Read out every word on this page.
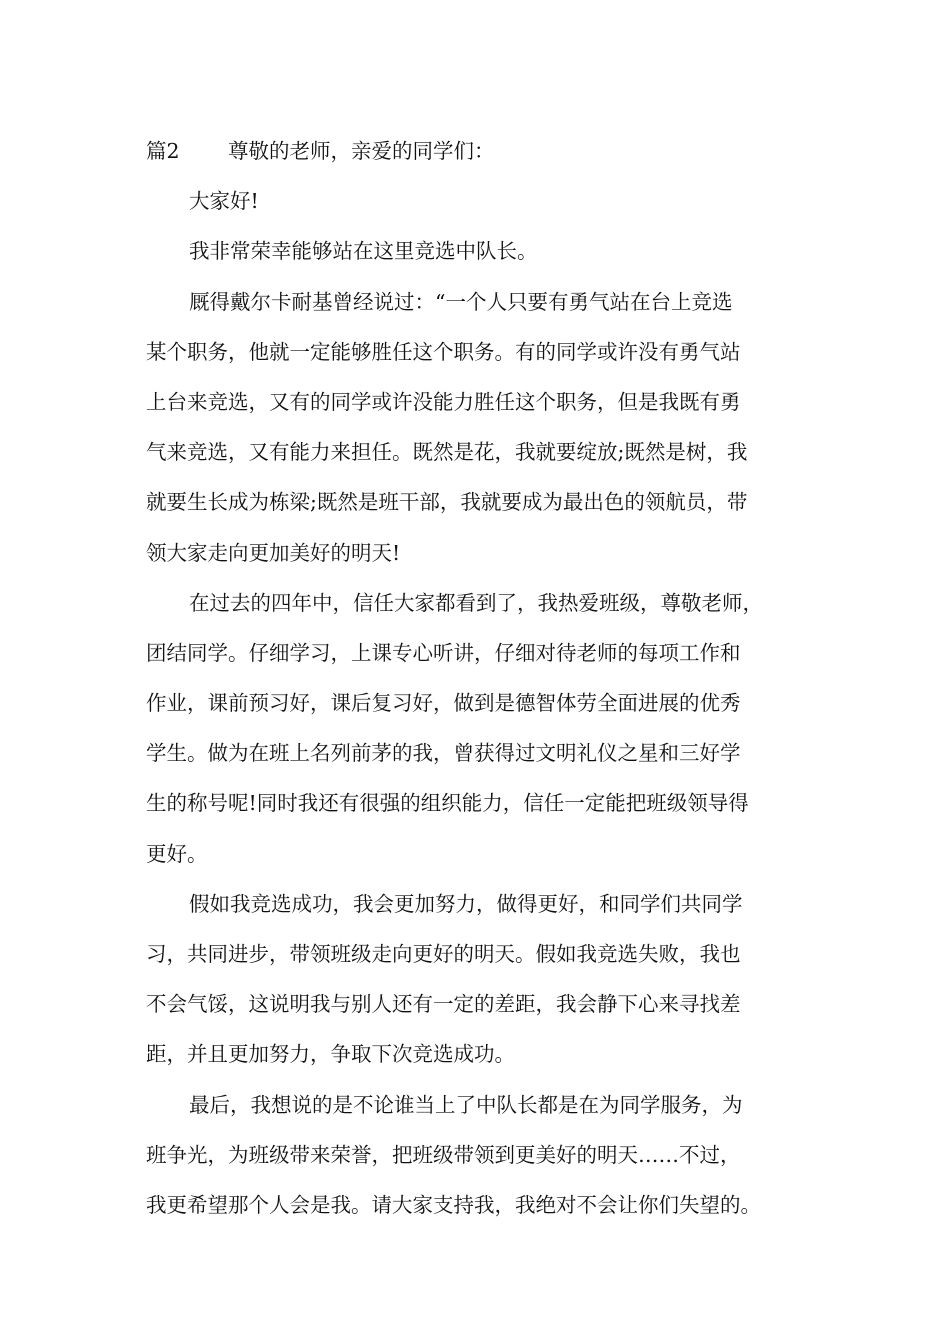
篇2 尊敬的老师，亲爱的同学们：
大家好!
我非常荣幸能够站在这里竞选中队长。
厩得戴尔卡耐基曾经说过：“一个人只要有勇气站在台上竞选
某个职务，他就一定能够胜任这个职务。有的同学或许没有勇气站
上台来竞选，又有的同学或许没能力胜任这个职务，但是我既有勇
气来竞选，又有能力来担任。既然是花，我就要绽放;既然是树，我
就要生长成为栋梁;既然是班干部，我就要成为最出色的领航员，带
领大家走向更加美好的明天!
在过去的四年中，信任大家都看到了，我热爱班级，尊敬老师，
团结同学。仔细学习，上课专心听讲，仔细对待老师的每项工作和
作业，课前预习好，课后复习好，做到是德智体劳全面进展的优秀
学生。做为在班上名列前茅的我，曾获得过文明礼仪之星和三好学
生的称号呢!同时我还有很强的组织能力，信任一定能把班级领导得
更好。
假如我竞选成功，我会更加努力，做得更好，和同学们共同学
习，共同进步，带领班级走向更好的明天。假如我竞选失败，我也
不会气馁，这说明我与别人还有一定的差距，我会静下心来寻找差
距，并且更加努力，争取下次竞选成功。
最后，我想说的是不论谁当上了中队长都是在为同学服务，为
班争光，为班级带来荣誉，把班级带领到更美好的明天……不过，
我更希望那个人会是我。请大家支持我，我绝对不会让你们失望的。
